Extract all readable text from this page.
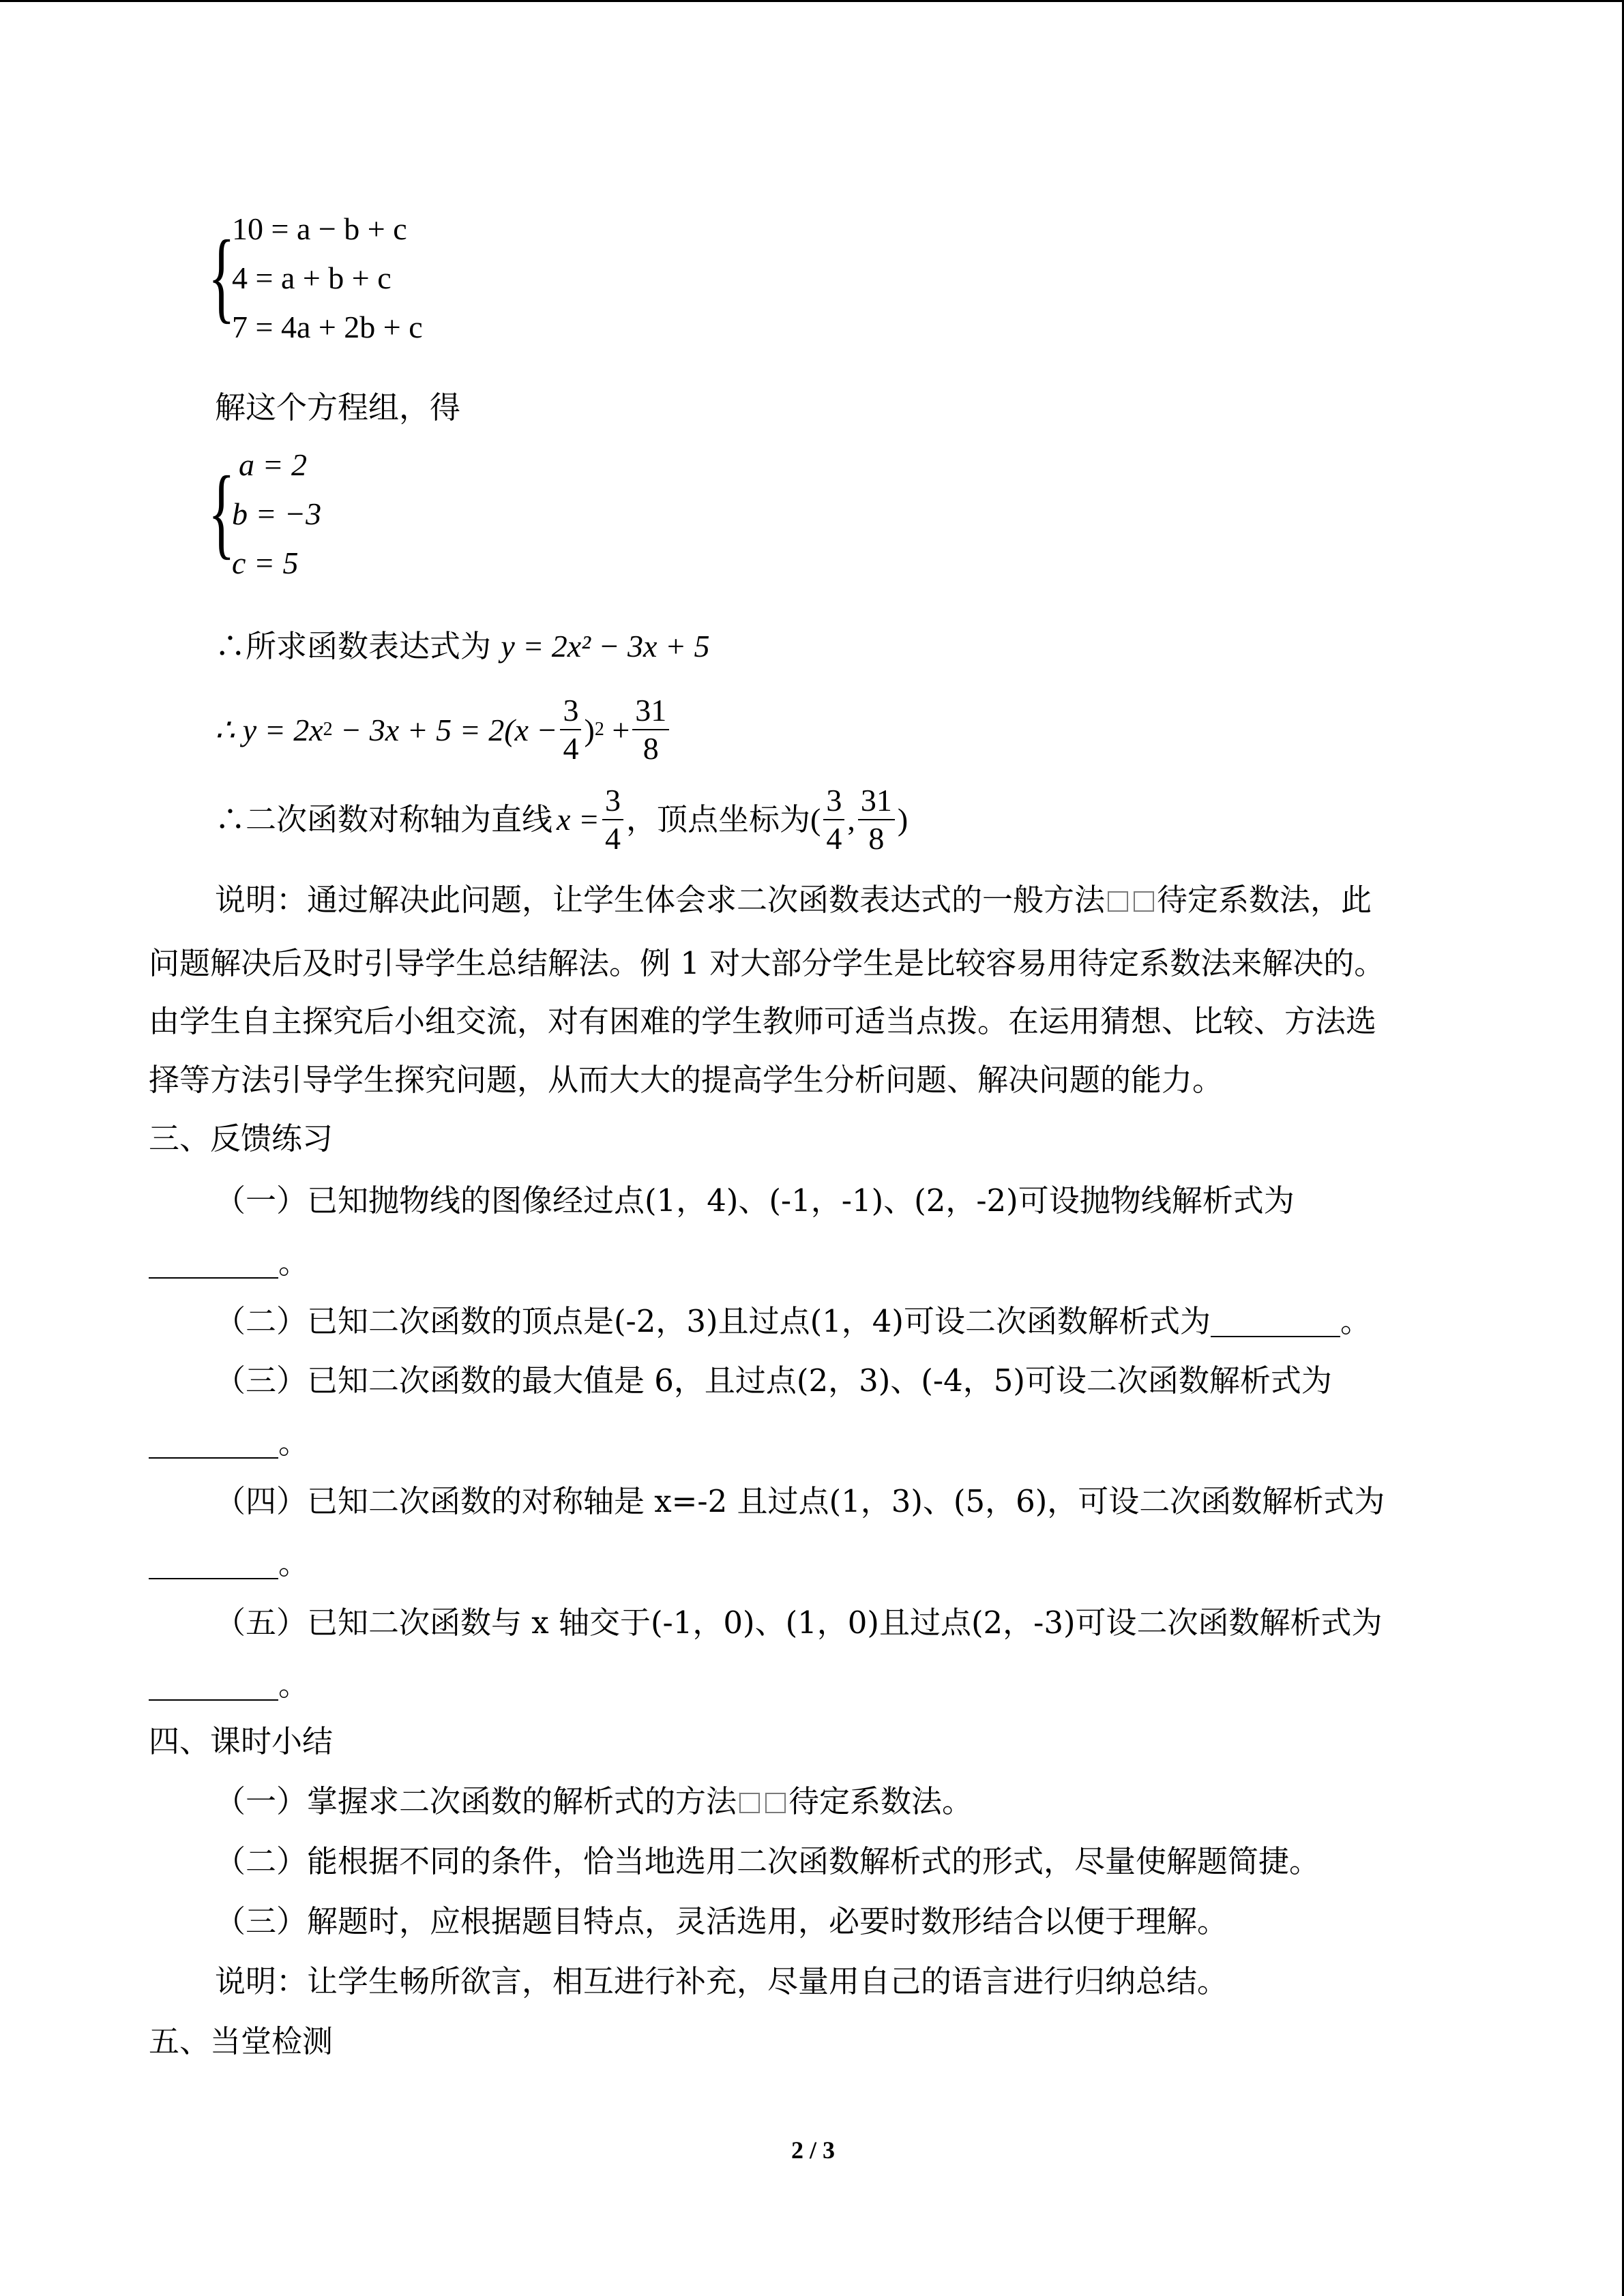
{
10 = a − b + c
4 = a + b + c
7 = 4a + 2b + c
解这个方程组，得
{ a = 2
b = −3
c = 5
∴所求函数表达式为 y = 2x² − 3x + 5
∴ y = 2x $2 - 3x + 5 = 2(x - \frac{3}{4}$ ) $2 + \frac{31}{8}$
∴二次函数对称轴为直线 $x = \frac{3}{4}$ ，顶点坐标为 ( $\frac{3}{4}$ , $\frac{31}{8}$ )
说明：通过解决此问题，让学生体会求二次函数表达式的一般方法 待定系数法，此
问题解决后及时引导学生总结解法。例 1 对大部分学生是比较容易用待定系数法来解决的。
由学生自主探究后小组交流，对有困难的学生教师可适当点拨。在运用猜想、比较、方法选
择等方法引导学生探究问题，从而大大的提高学生分析问题、解决问题的能力。
三、反馈练习
（一）已知抛物线的图像经过点(1，4)、(-1，-1)、(2，-2)可设抛物线解析式为
。
（二）已知二次函数的顶点是(-2，3)且过点(1，4)可设二次函数解析式为	。
（三）已知二次函数的最大值是 6，且过点(2，3)、(-4，5)可设二次函数解析式为
。
（四）已知二次函数的对称轴是 x=-2 且过点(1，3)、(5，6)，可设二次函数解析式为
。
（五）已知二次函数与 x 轴交于(-1，0)、(1，0)且过点(2，-3)可设二次函数解析式为
。
四、课时小结
（一）掌握求二次函数的解析式的方法 待定系数法。
（二）能根据不同的条件，恰当地选用二次函数解析式的形式，尽量使解题简捷。
（三）解题时，应根据题目特点，灵活选用，必要时数形结合以便于理解。
说明：让学生畅所欲言，相互进行补充，尽量用自己的语言进行归纳总结。
五、当堂检测
2 / 3
